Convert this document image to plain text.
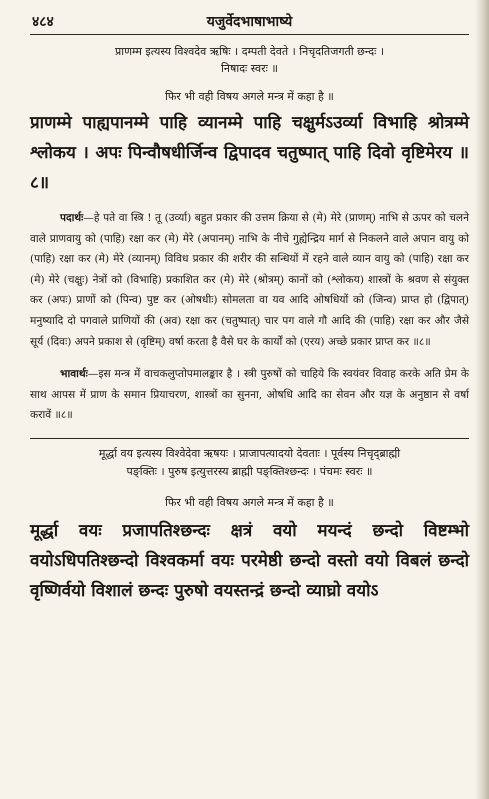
४८४	यजुर्वेदभाषाभाष्ये
प्राणम्म इत्यस्य विश्वदेव ऋषिः । दम्पती देवते । निचृदतिजगती छन्दः ।
निषादः स्वरः ॥
फिर भी वही विषय अगले मन्त्र में कहा है ॥
प्राणम्मे पाह्यपानम्मे पाहि व्यानम्मे पाहि चक्षुर्मऽउर्व्या विभाहि श्रोत्रम्मे श्लोकय । अपः पिन्वौषधीर्जिन्व द्विपादव चतुष्पात् पाहि दिवो वृष्टिमेरय ॥८॥
पदार्थः—हे पते वा स्त्रि ! तू (उर्व्या) बहुत प्रकार की उत्तम क्रिया से (मे) मेरे (प्राणम्) नाभि से ऊपर को चलने वाले प्राणवायु को (पाहि) रक्षा कर (मे) मेरे (अपानम्) नाभि के नीचे गुह्येन्द्रिय मार्ग से निकलने वाले अपान वायु को (पाहि) रक्षा कर (मे) मेरे (व्यानम्) विविध प्रकार की शरीर की सन्धियों में रहने वाले व्यान वायु को (पाहि) रक्षा कर (मे) मेरे (चक्षुः) नेत्रों को (विभाहि) प्रकाशित कर (मे) मेरे (श्रोत्रम्) कानों को (श्लोकय) शास्त्रों के श्रवण से संयुक्त कर (अपः) प्राणों को (पिन्व) पुष्ट कर (ओषधीः) सोमलता वा यव आदि ओषधियों को (जिन्व) प्राप्त हो (द्विपात्) मनुष्यादि दो पगवाले प्राणियों की (अव) रक्षा कर (चतुष्पात्) चार पग वाले गौ आदि की (पाहि) रक्षा कर और जैसे सूर्य (दिवः) अपने प्रकाश से (वृष्टिम्) वर्षा करता है वैसे घर के कार्यों को (एरय) अच्छे प्रकार प्राप्त कर ॥८॥
भावार्थः—इस मन्त्र में वाचकलुप्तोपमालङ्कार है । स्त्री पुरुषों को चाहिये कि स्वयंवर विवाह करके अति प्रेम के साथ आपस में प्राण के समान प्रियाचरण, शास्त्रों का सुनना, ओषधि आदि का सेवन और यज्ञ के अनुष्ठान से वर्षा करावें ॥८॥
मूर्द्धा वय इत्यस्य विश्वेदेवा ऋषयः । प्राजापत्यादयो देवताः । पूर्वस्य निचृद्ब्राह्मी
पङ्क्तिः । पुरुष इत्युत्तरस्य ब्राह्मी पङ्क्तिश्छन्दः । पंचमः स्वरः ॥
फिर भी वही विषय अगले मन्त्र में कहा है ॥
मूर्द्धा वयः प्रजापतिश्छन्दः क्षत्रं वयो मयन्दं छन्दो विष्टम्भो वयोऽधिपतिश्छन्दो विश्वकर्मा वयः परमेष्ठी छन्दो वस्तो वयो विबलं छन्दो वृष्णिर्वयो विशालं छन्दः पुरुषो वयस्तन्द्रं छन्दो व्याघ्रो वयोऽ
